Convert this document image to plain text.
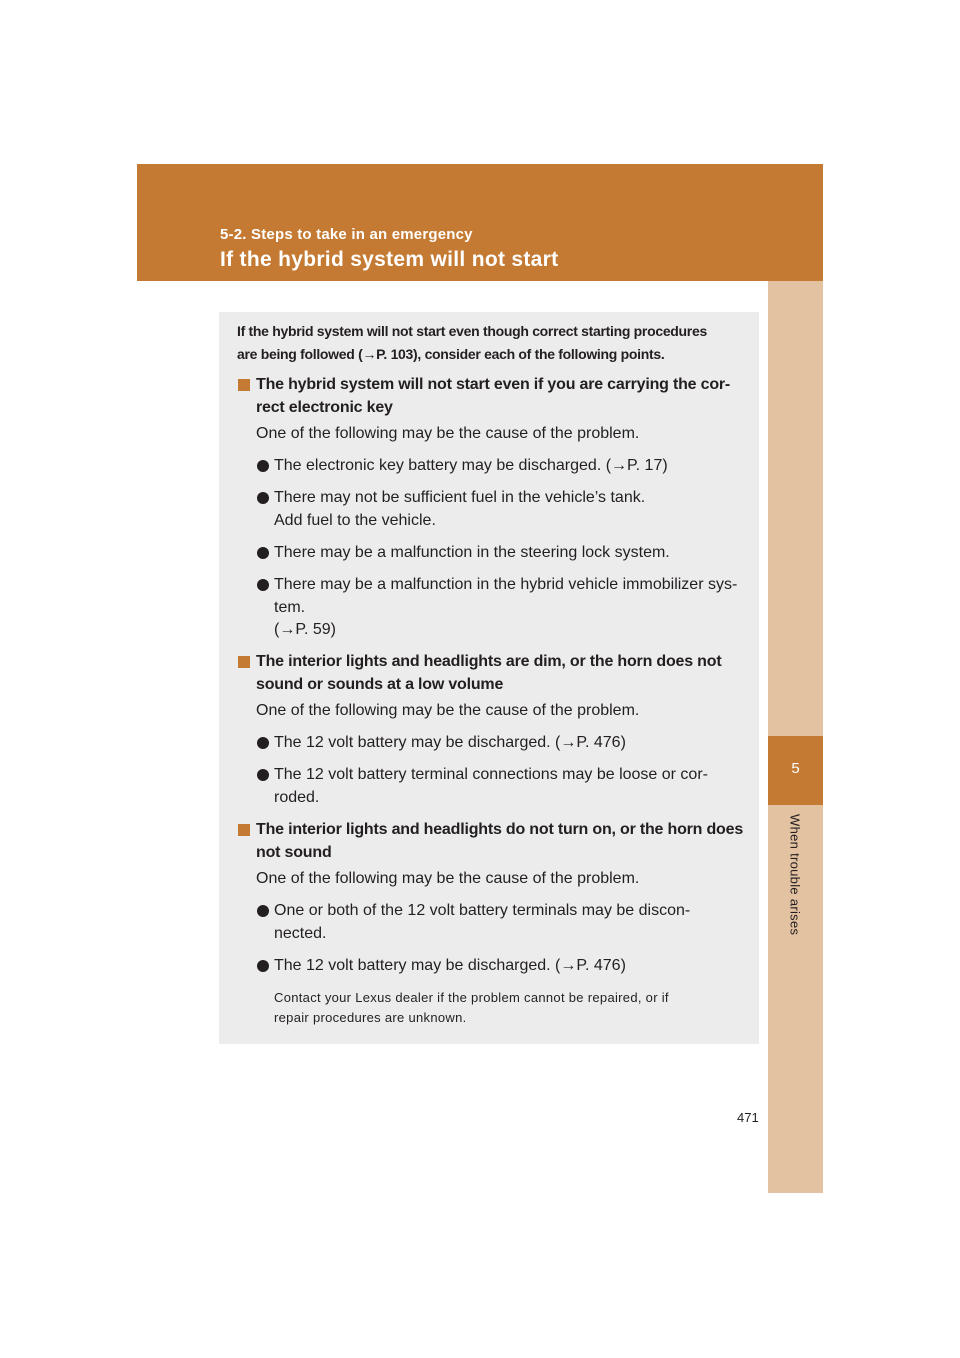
5-2. Steps to take in an emergency
If the hybrid system will not start
5
When trouble arises
If the hybrid system will not start even though correct starting procedures
are being followed (→P. 103), consider each of the following points.
The hybrid system will not start even if you are carrying the cor-
rect electronic key
One of the following may be the cause of the problem.
The electronic key battery may be discharged. (→P. 17)
There may not be sufficient fuel in the vehicle’s tank.
Add fuel to the vehicle.
There may be a malfunction in the steering lock system.
There may be a malfunction in the hybrid vehicle immobilizer sys-
tem.
(→P. 59)
The interior lights and headlights are dim, or the horn does not
sound or sounds at a low volume
One of the following may be the cause of the problem.
The 12 volt battery may be discharged. (→P. 476)
The 12 volt battery terminal connections may be loose or cor-
roded.
The interior lights and headlights do not turn on, or the horn does
not sound
One of the following may be the cause of the problem.
One or both of the 12 volt battery terminals may be discon-
nected.
The 12 volt battery may be discharged. (→P. 476)
Contact your Lexus dealer if the problem cannot be repaired, or if
repair procedures are unknown.
471
